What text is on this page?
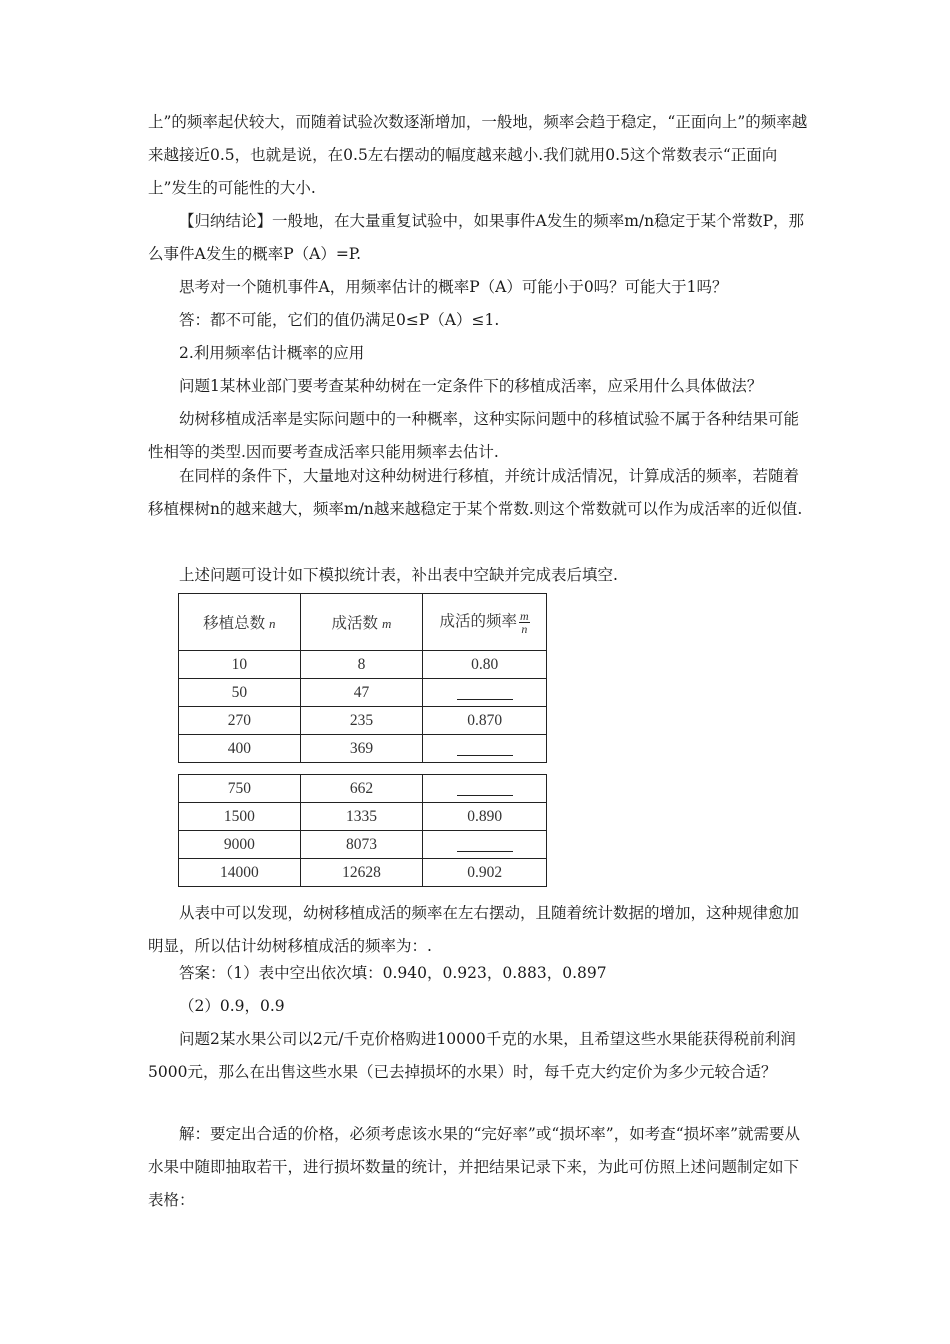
上”的频率起伏较大，而随着试验次数逐渐增加，一般地，频率会趋于稳定，“正面向上”的频率越来越接近0.5，也就是说，在0.5左右摆动的幅度越来越小.我们就用0.5这个常数表示“正面向上”发生的可能性的大小.

【归纳结论】一般地，在大量重复试验中，如果事件A发生的频率m/n稳定于某个常数P，那么事件A发生的概率P（A）=P.

思考对一个随机事件A，用频率估计的概率P（A）可能小于0吗？可能大于1吗？
答：都不可能，它们的值仍满足0≤P（A）≤1.
2.利用频率估计概率的应用
问题1某林业部门要考查某种幼树在一定条件下的移植成活率，应采用什么具体做法？

幼树移植成活率是实际问题中的一种概率，这种实际问题中的移植试验不属于各种结果可能性相等的类型.因而要考查成活率只能用频率去估计.

在同样的条件下，大量地对这种幼树进行移植，并统计成活情况，计算成活的频率，若随着移植棵树n的越来越大，频率m/n越来越稳定于某个常数.则这个常数就可以作为成活率的近似值.

上述问题可设计如下模拟统计表，补出表中空缺并完成表后填空.
移植总数 n	成活数 m	成活的频率 $\frac{m}{n}$

10	8	0.80
50	47	
270	235	0.870
400	369	
750	662	
1500	1335	0.890
9000	8073	
14000	12628	0.902

从表中可以发现，幼树移植成活的频率在左右摆动，且随着统计数据的增加，这种规律愈加明显，所以估计幼树移植成活的频率为：.

答案：（1）表中空出依次填：0.940，0.923，0.883，0.897
（2）0.9，0.9

问题2某水果公司以2元/千克价格购进10000千克的水果，且希望这些水果能获得税前利润5000元，那么在出售这些水果（已去掉损坏的水果）时，每千克大约定价为多少元较合适？

解：要定出合适的价格，必须考虑该水果的“完好率”或“损坏率”，如考查“损坏率”就需要从水果中随即抽取若干，进行损坏数量的统计，并把结果记录下来，为此可仿照上述问题制定如下表格：
